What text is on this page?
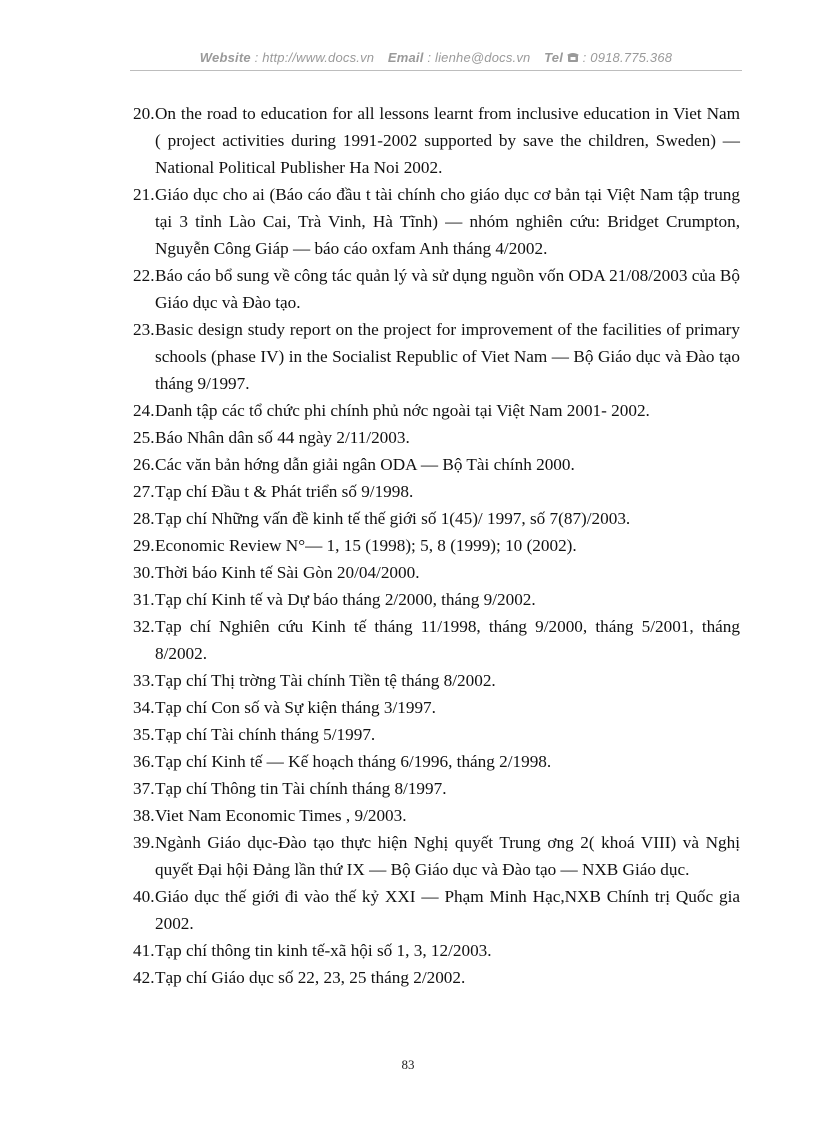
Website : http://www.docs.vn Email : lienhe@docs.vn Tel : 0918.775.368
20. On the road to education for all lessons learnt from inclusive education in Viet Nam ( project activities during 1991-2002 supported by save the children, Sweden) — National Political Publisher Ha Noi 2002.
21. Giáo dục cho ai (Báo cáo đầu t tài chính cho giáo dục cơ bản tại Việt Nam tập trung tại 3 tỉnh Lào Cai, Trà Vinh, Hà Tĩnh) — nhóm nghiên cứu: Bridget Crumpton, Nguyễn Công Giáp — báo cáo oxfam Anh tháng 4/2002.
22. Báo cáo bổ sung về công tác quản lý và sử dụng nguồn vốn ODA 21/08/2003 của Bộ Giáo dục và Đào tạo.
23. Basic design study report on the project for improvement of the facilities of primary schools (phase IV) in the Socialist Republic of Viet Nam — Bộ Giáo dục và Đào tạo tháng 9/1997.
24. Danh tập các tổ chức phi chính phủ nớc ngoài tại Việt Nam 2001- 2002.
25. Báo Nhân dân số 44 ngày 2/11/2003.
26. Các văn bản hớng dẫn giải ngân ODA — Bộ Tài chính 2000.
27. Tạp chí Đầu t & Phát triển số 9/1998.
28. Tạp chí Những vấn đề kinh tế thế giới số 1(45)/ 1997, số 7(87)/2003.
29. Economic Review N°— 1, 15 (1998); 5, 8 (1999); 10 (2002).
30. Thời báo Kinh tế Sài Gòn 20/04/2000.
31. Tạp chí Kinh tế và Dự báo tháng 2/2000, tháng 9/2002.
32. Tạp chí Nghiên cứu Kinh tế tháng 11/1998, tháng 9/2000, tháng 5/2001, tháng 8/2002.
33. Tạp chí Thị trờng Tài chính Tiền tệ tháng 8/2002.
34. Tạp chí Con số và Sự kiện tháng 3/1997.
35. Tạp chí Tài chính tháng 5/1997.
36. Tạp chí Kinh tế — Kế hoạch tháng 6/1996, tháng 2/1998.
37. Tạp chí Thông tin Tài chính tháng 8/1997.
38. Viet Nam Economic Times , 9/2003.
39. Ngành Giáo dục-Đào tạo thực hiện Nghị quyết Trung ơng 2( khoá VIII) và Nghị quyết Đại hội Đảng lần thứ IX — Bộ Giáo dục và Đào tạo — NXB Giáo dục.
40. Giáo dục thế giới đi vào thế kỷ XXI — Phạm Minh Hạc,NXB Chính trị Quốc gia 2002.
41. Tạp chí thông tin kinh tế-xã hội số 1, 3, 12/2003.
42. Tạp chí Giáo dục số 22, 23, 25 tháng 2/2002.
83
